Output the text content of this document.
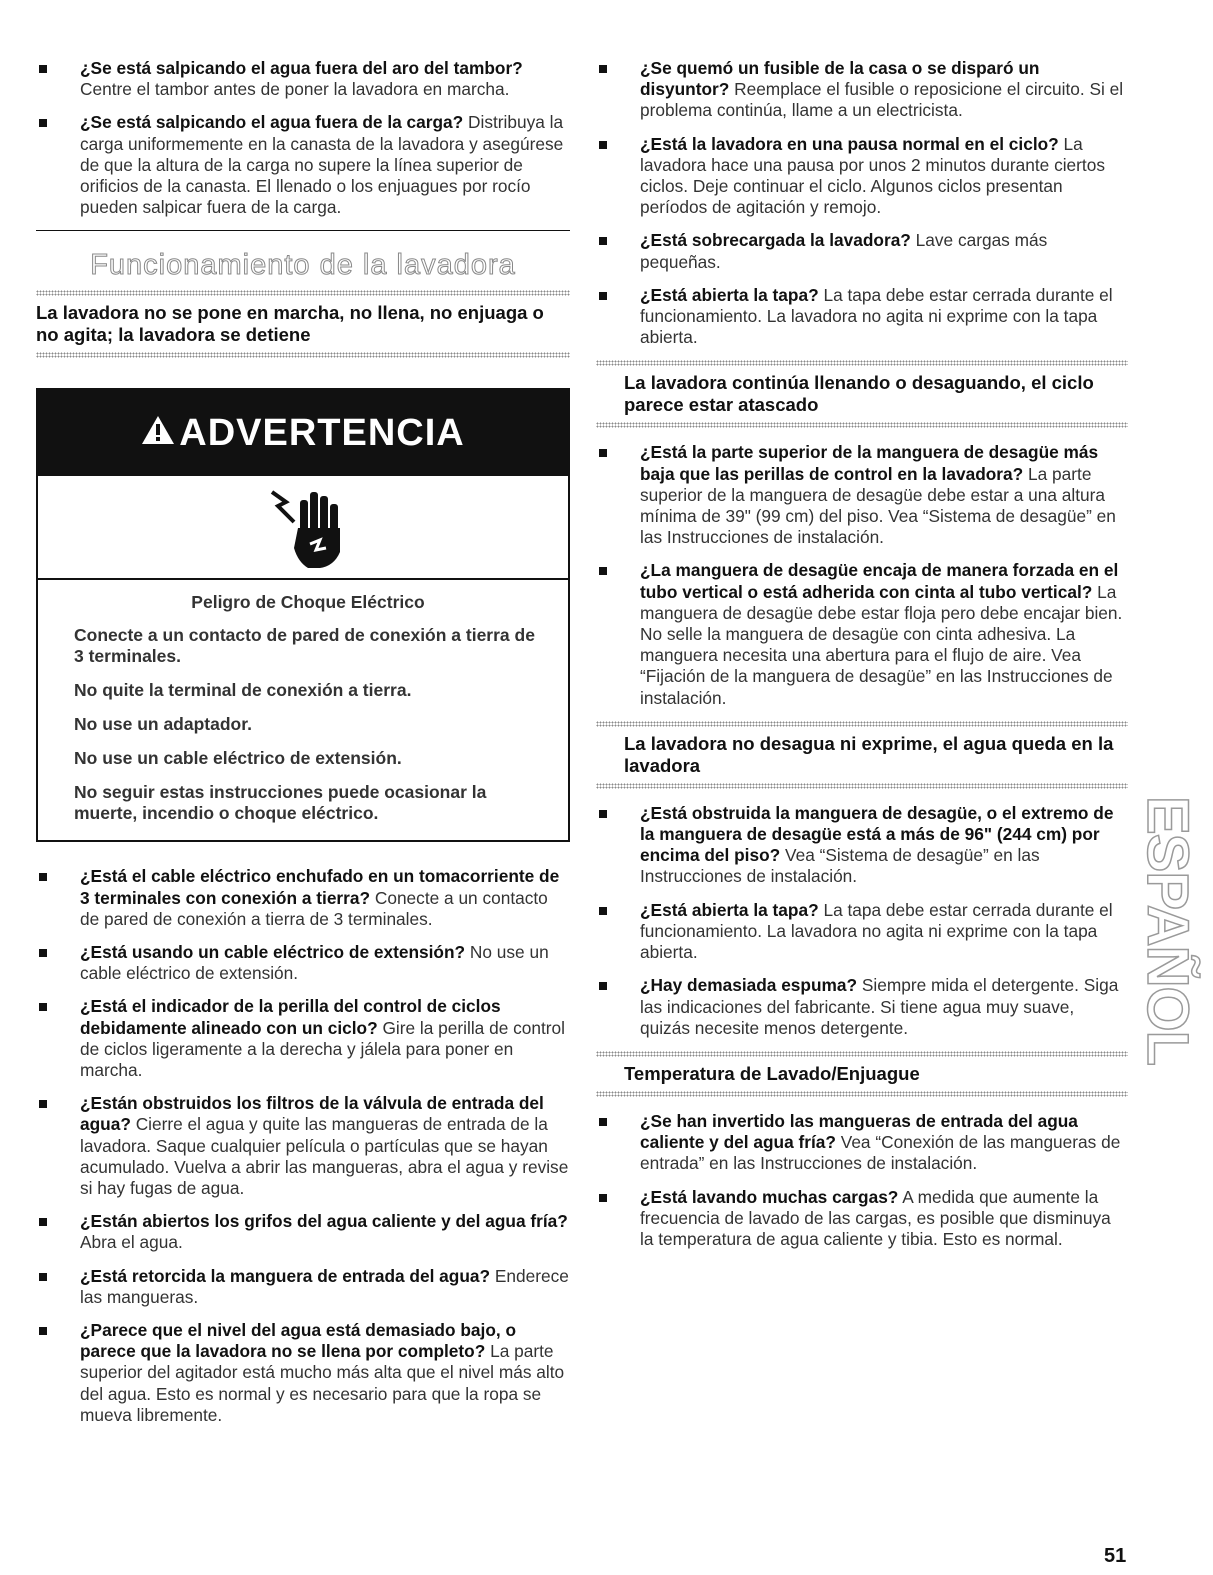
¿Se está salpicando el agua fuera del aro del tambor? Centre el tambor antes de poner la lavadora en marcha.
¿Se está salpicando el agua fuera de la carga? Distribuya la carga uniformemente en la canasta de la lavadora y asegúrese de que la altura de la carga no supere la línea superior de orificios de la canasta. El llenado o los enjuagues por rocío pueden salpicar fuera de la carga.
Funcionamiento de la lavadora
La lavadora no se pone en marcha, no llena, no enjuaga o no agita; la lavadora se detiene
ADVERTENCIA
Peligro de Choque Eléctrico

Conecte a un contacto de pared de conexión a tierra de 3 terminales.

No quite la terminal de conexión a tierra.

No use un adaptador.

No use un cable eléctrico de extensión.

No seguir estas instrucciones puede ocasionar la muerte, incendio o choque eléctrico.

¿Está el cable eléctrico enchufado en un tomacorriente de 3 terminales con conexión a tierra? Conecte a un contacto de pared de conexión a tierra de 3 terminales.
¿Está usando un cable eléctrico de extensión? No use un cable eléctrico de extensión.
¿Está el indicador de la perilla del control de ciclos debidamente alineado con un ciclo? Gire la perilla de control de ciclos ligeramente a la derecha y jálela para poner en marcha.
¿Están obstruidos los filtros de la válvula de entrada del agua? Cierre el agua y quite las mangueras de entrada de la lavadora. Saque cualquier película o partículas que se hayan acumulado. Vuelva a abrir las mangueras, abra el agua y revise si hay fugas de agua.
¿Están abiertos los grifos del agua caliente y del agua fría? Abra el agua.
¿Está retorcida la manguera de entrada del agua? Enderece las mangueras.
¿Parece que el nivel del agua está demasiado bajo, o parece que la lavadora no se llena por completo? La parte superior del agitador está mucho más alta que el nivel más alto del agua. Esto es normal y es necesario para que la ropa se mueva libremente.
¿Se quemó un fusible de la casa o se disparó un disyuntor? Reemplace el fusible o reposicione el circuito. Si el problema continúa, llame a un electricista.
¿Está la lavadora en una pausa normal en el ciclo? La lavadora hace una pausa por unos 2 minutos durante ciertos ciclos. Deje continuar el ciclo. Algunos ciclos presentan períodos de agitación y remojo.
¿Está sobrecargada la lavadora? Lave cargas más pequeñas.
¿Está abierta la tapa? La tapa debe estar cerrada durante el funcionamiento. La lavadora no agita ni exprime con la tapa abierta.
La lavadora continúa llenando o desaguando, el ciclo parece estar atascado
¿Está la parte superior de la manguera de desagüe más baja que las perillas de control en la lavadora? La parte superior de la manguera de desagüe debe estar a una altura mínima de 39" (99 cm) del piso. Vea “Sistema de desagüe” en las Instrucciones de instalación.
¿La manguera de desagüe encaja de manera forzada en el tubo vertical o está adherida con cinta al tubo vertical? La manguera de desagüe debe estar floja pero debe encajar bien. No selle la manguera de desagüe con cinta adhesiva. La manguera necesita una abertura para el flujo de aire. Vea “Fijación de la manguera de desagüe” en las Instrucciones de instalación.
La lavadora no desagua ni exprime, el agua queda en la lavadora
¿Está obstruida la manguera de desagüe, o el extremo de la manguera de desagüe está a más de 96" (244 cm) por encima del piso? Vea “Sistema de desagüe” en las Instrucciones de instalación.
¿Está abierta la tapa? La tapa debe estar cerrada durante el funcionamiento. La lavadora no agita ni exprime con la tapa abierta.
¿Hay demasiada espuma? Siempre mida el detergente. Siga las indicaciones del fabricante. Si tiene agua muy suave, quizás necesite menos detergente.
Temperatura de Lavado/Enjuague
¿Se han invertido las mangueras de entrada del agua caliente y del agua fría? Vea “Conexión de las mangueras de entrada” en las Instrucciones de instalación.
¿Está lavando muchas cargas? A medida que aumente la frecuencia de lavado de las cargas, es posible que disminuya la temperatura de agua caliente y tibia. Esto es normal.
ESPAÑOL
51
